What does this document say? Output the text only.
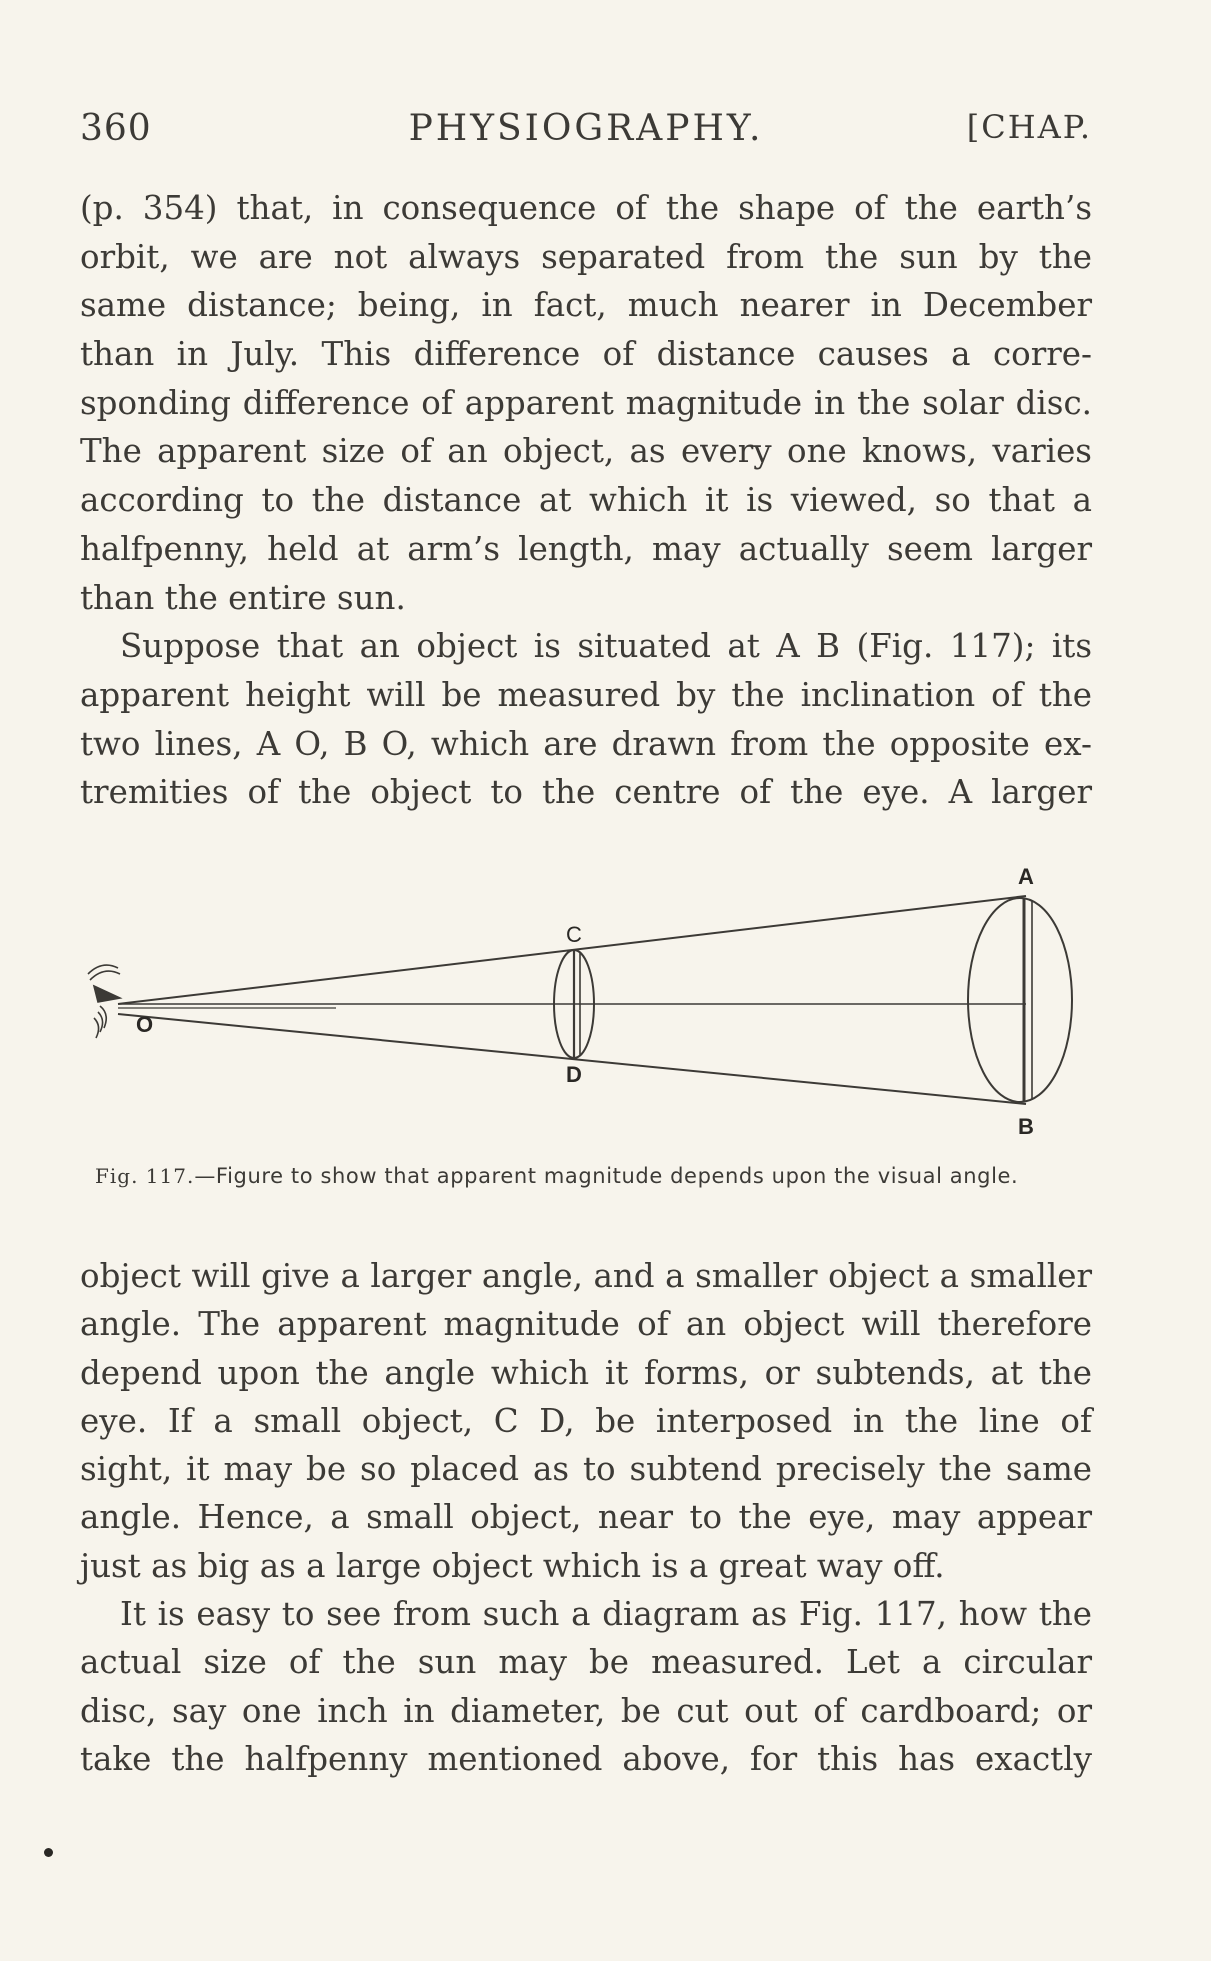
360	PHYSIOGRAPHY.	[CHAP.
(p. 354) that, in consequence of the shape of the earth’s
orbit, we are not always separated from the sun by the
same distance; being, in fact, much nearer in December
than in July. This difference of distance causes a corre-
sponding difference of apparent magnitude in the solar disc.
The apparent size of an object, as every one knows, varies
according to the distance at which it is viewed, so that a
halfpenny, held at arm’s length, may actually seem larger
than the entire sun.
Suppose that an object is situated at A B (Fig. 117); its
apparent height will be measured by the inclination of the
two lines, A O, B O, which are drawn from the opposite ex-
tremities of the object to the centre of the eye. A larger
A
B
C
D
O
Fig. 117.—Figure to show that apparent magnitude depends upon the visual angle.
object will give a larger angle, and a smaller object a smaller
angle. The apparent magnitude of an object will therefore
depend upon the angle which it forms, or subtends, at the
eye. If a small object, C D, be interposed in the line of
sight, it may be so placed as to subtend precisely the same
angle. Hence, a small object, near to the eye, may appear
just as big as a large object which is a great way off.
It is easy to see from such a diagram as Fig. 117, how the
actual size of the sun may be measured. Let a circular
disc, say one inch in diameter, be cut out of cardboard; or
take the halfpenny mentioned above, for this has exactly
